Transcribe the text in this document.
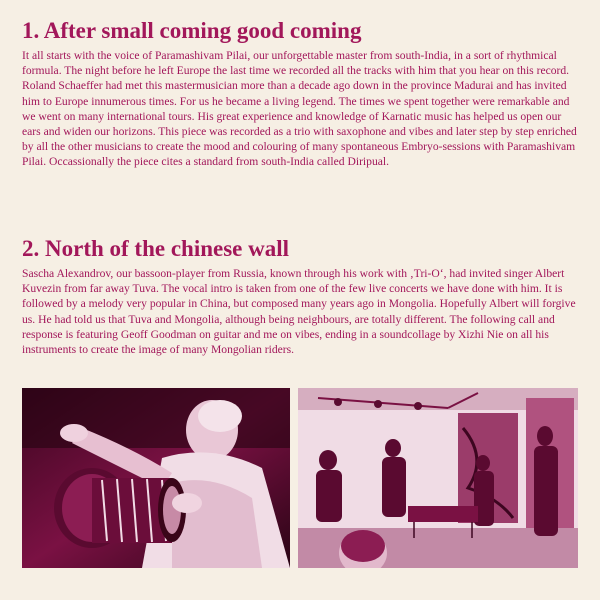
1. After small coming good coming

It all starts with the voice of Paramashivam Pilai, our unforgettable master from south-India, in a sort of rhythmical formula. The night before he left Europe the last time we recorded all the tracks with him that you hear on this record.

Roland Schaeffer had met this mastermusician more than a decade ago down in the province Madurai and has invited him to Europe innumerous times. For us he became a living legend. The times we spent together were remarkable and we went on many international tours. His great experience and knowledge of Karnatic music has helped us open our ears and widen our horizons. This piece was recorded as a trio with saxophone and vibes and later step by step enriched by all the other musicians to create the mood and colouring of many spontaneous Embryo-sessions with Paramashivam Pilai. Occassionally the piece cites a standard from south-India called Diripual.

2. North of the chinese wall

Sascha Alexandrov, our bassoon-player from Russia, known through his work with ‚Tri-O‘, had invited singer Albert Kuvezin from far away Tuva. The vocal intro is taken from one of the few live concerts we have done with him. It is followed by a melody very popular in China, but composed many years ago in Mongolia. Hopefully Albert will forgive us. He had told us that Tuva and Mongolia, although being neighbours, are totally different. The following call and response is featuring Geoff Goodman on guitar and me on vibes, ending in a soundcollage by Xizhi Nie on all his instruments to create the image of many Mongolian riders.
